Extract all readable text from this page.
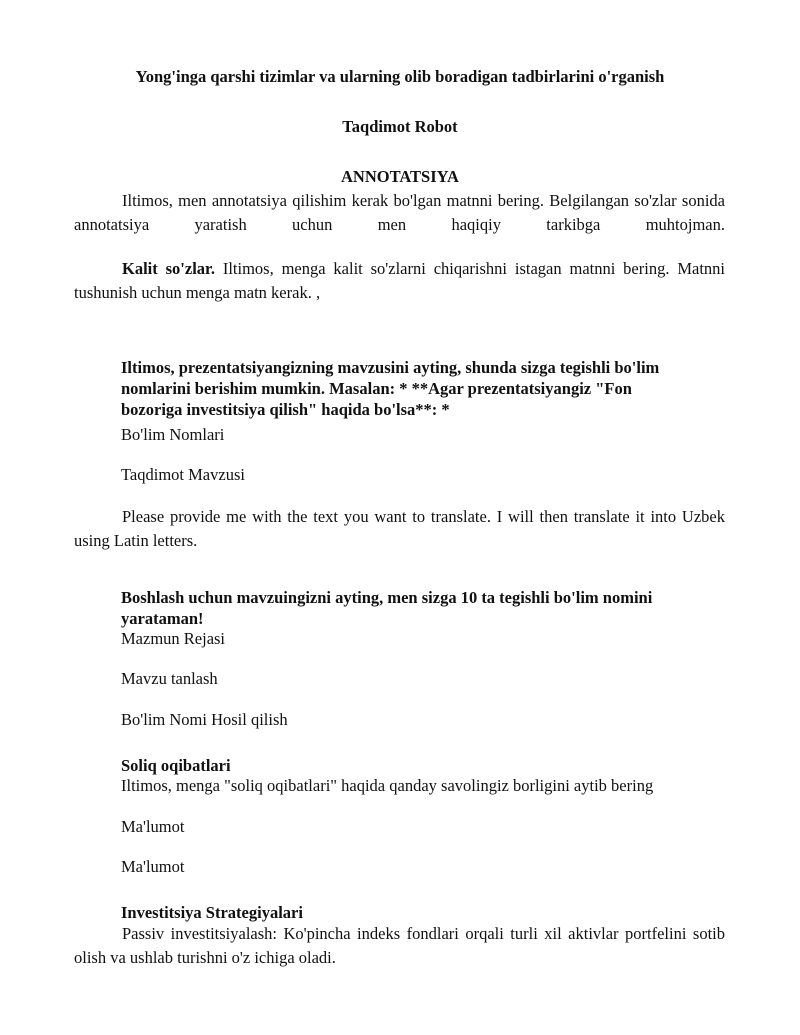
Yong'inga qarshi tizimlar va ularning olib boradigan tadbirlarini o'rganish
Taqdimot Robot
ANNOTATSIYA

Iltimos, men annotatsiya qilishim kerak bo'lgan matnni bering. Belgilangan so'zlar sonida annotatsiya yaratish uchun men haqiqiy tarkibga muhtojman.

Kalit so'zlar. Iltimos, menga kalit so'zlarni chiqarishni istagan matnni bering. Matnni tushunish uchun menga matn kerak. ,

Iltimos, prezentatsiyangizning mavzusini ayting, shunda sizga tegishli bo'lim
nomlarini berishim mumkin. Masalan: * **Agar prezentatsiyangiz "Fon
bozoriga investitsiya qilish" haqida bo'lsa**: *
Bo'lim Nomlari
Taqdimot Mavzusi

Please provide me with the text you want to translate. I will then translate it into Uzbek using Latin letters.

Boshlash uchun mavzuingizni ayting, men sizga 10 ta tegishli bo'lim nomini
yarataman!
Mazmun Rejasi
Mavzu tanlash
Bo'lim Nomi Hosil qilish
Soliq oqibatlari
Iltimos, menga "soliq oqibatlari" haqida qanday savolingiz borligini aytib bering
Ma'lumot
Ma'lumot
Investitsiya Strategiyalari

Passiv investitsiyalash: Ko'pincha indeks fondlari orqali turli xil aktivlar portfelini sotib olish va ushlab turishni o'z ichiga oladi.
